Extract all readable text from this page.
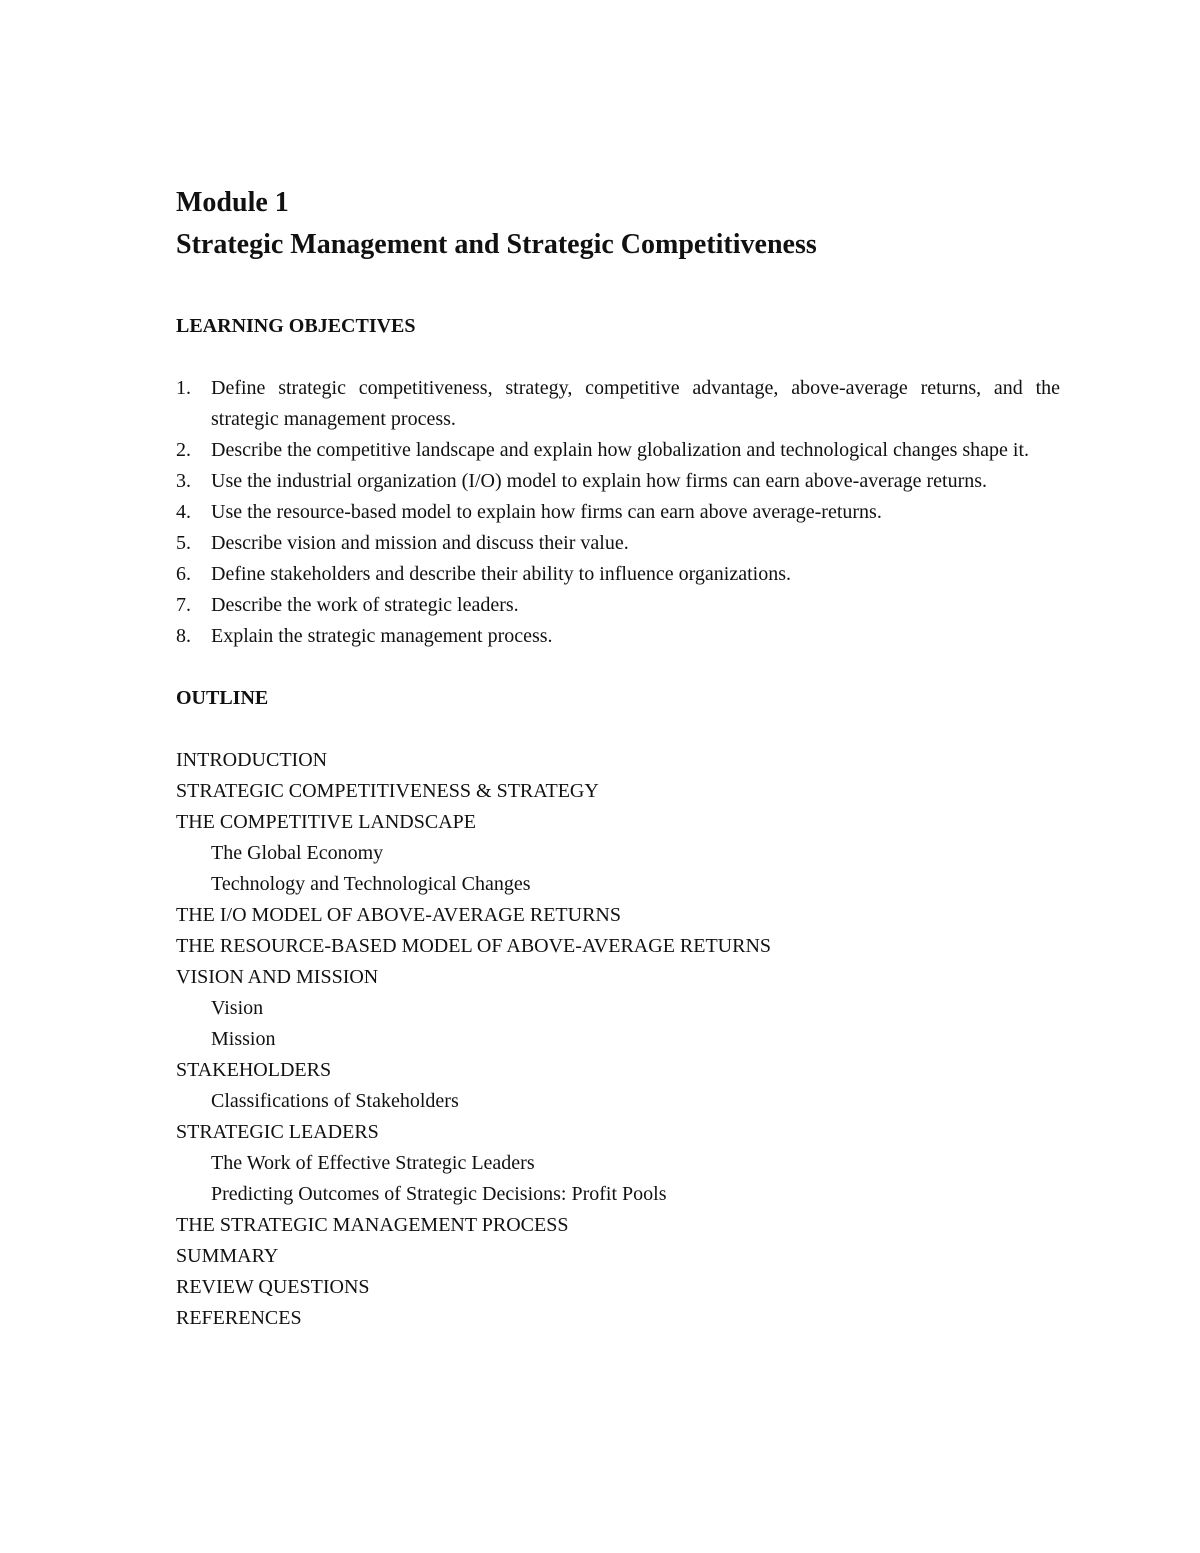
Module 1
Strategic Management and Strategic Competitiveness
LEARNING OBJECTIVES
1.	Define strategic competitiveness, strategy, competitive advantage, above-average returns, and the strategic management process.
2.	Describe the competitive landscape and explain how globalization and technological changes shape it.
3.	Use the industrial organization (I/O) model to explain how firms can earn above-average returns.
4.	Use the resource-based model to explain how firms can earn above average-returns.
5.	Describe vision and mission and discuss their value.
6.	Define stakeholders and describe their ability to influence organizations.
7.	Describe the work of strategic leaders.
8.	Explain the strategic management process.
OUTLINE
INTRODUCTION
STRATEGIC COMPETITIVENESS & STRATEGY
THE COMPETITIVE LANDSCAPE
The Global Economy
Technology and Technological Changes
THE I/O MODEL OF ABOVE-AVERAGE RETURNS
THE RESOURCE-BASED MODEL OF ABOVE-AVERAGE RETURNS
VISION AND MISSION
Vision
Mission
STAKEHOLDERS
Classifications of Stakeholders
STRATEGIC LEADERS
The Work of Effective Strategic Leaders
Predicting Outcomes of Strategic Decisions: Profit Pools
THE STRATEGIC MANAGEMENT PROCESS
SUMMARY
REVIEW QUESTIONS
REFERENCES
